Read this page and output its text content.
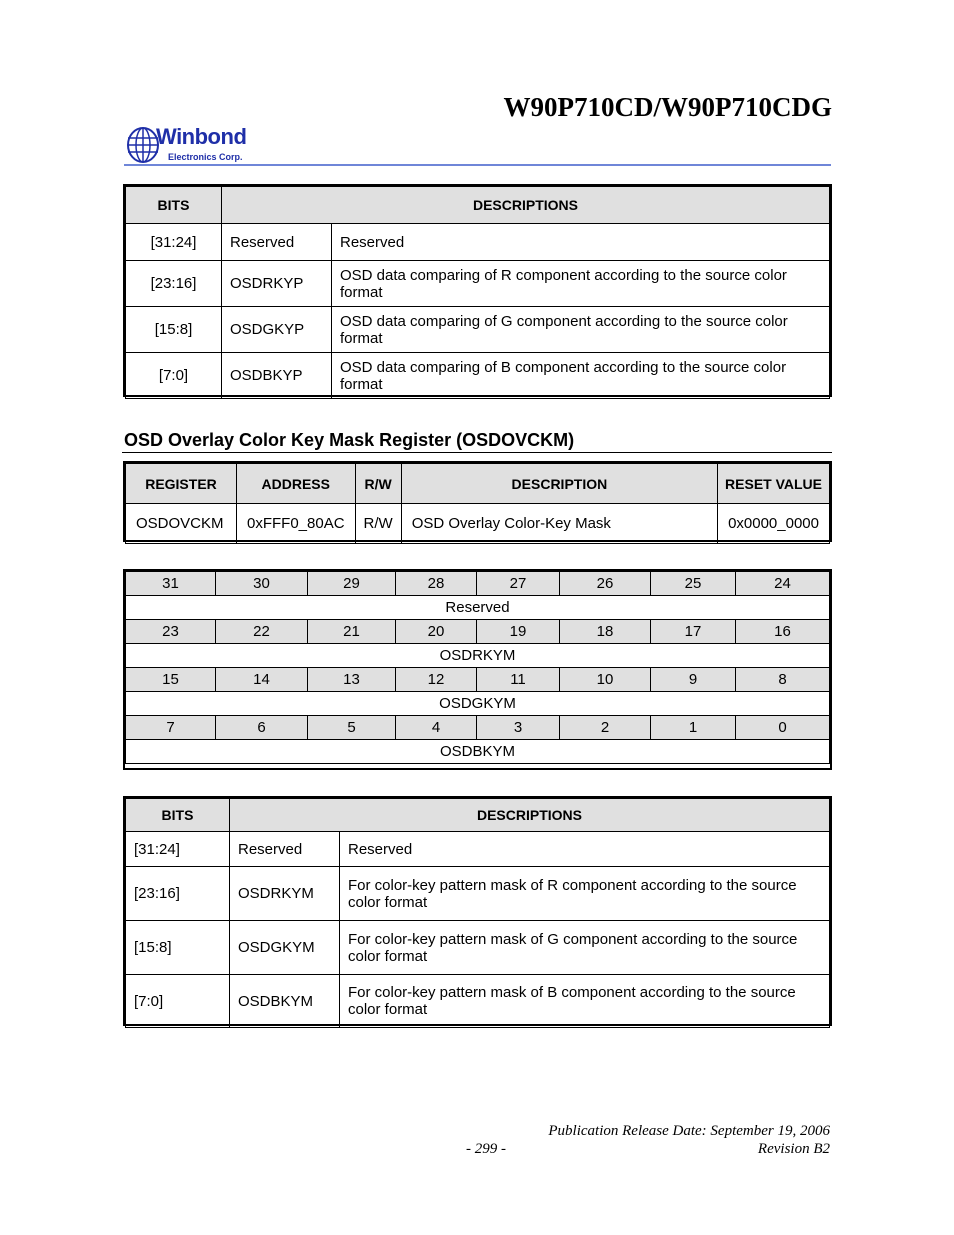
W90P710CD/W90P710CDG
Winbond
Electronics Corp.
BITS	DESCRIPTIONS	
[31:24]	Reserved	Reserved
[23:16]	OSDRKYP	OSD data comparing of R component according to the source color format
[15:8]	OSDGKYP	OSD data comparing of G component according to the source color format
[7:0]	OSDBKYP	OSD data comparing of B component according to the source color format
OSD Overlay Color Key Mask Register (OSDOVCKM)
REGISTER	ADDRESS	R/W	DESCRIPTION	RESET VALUE
OSDOVCKM	0xFFF0_80AC	R/W	OSD Overlay Color-Key Mask	0x0000_0000
31	30	29	28	27	26	25	24
Reserved							
23	22	21	20	19	18	17	16
OSDRKYM							
15	14	13	12	11	10	9	8
OSDGKYM							
7	6	5	4	3	2	1	0
OSDBKYM							
BITS	DESCRIPTIONS	
[31:24]	Reserved	Reserved
[23:16]	OSDRKYM	For color-key pattern mask of R component according to the source color format
[15:8]	OSDGKYM	For color-key pattern mask of G component according to the source color format
[7:0]	OSDBKYM	For color-key pattern mask of B component according to the source color format
Publication Release Date: September 19, 2006
- 299 -	Revision B2
